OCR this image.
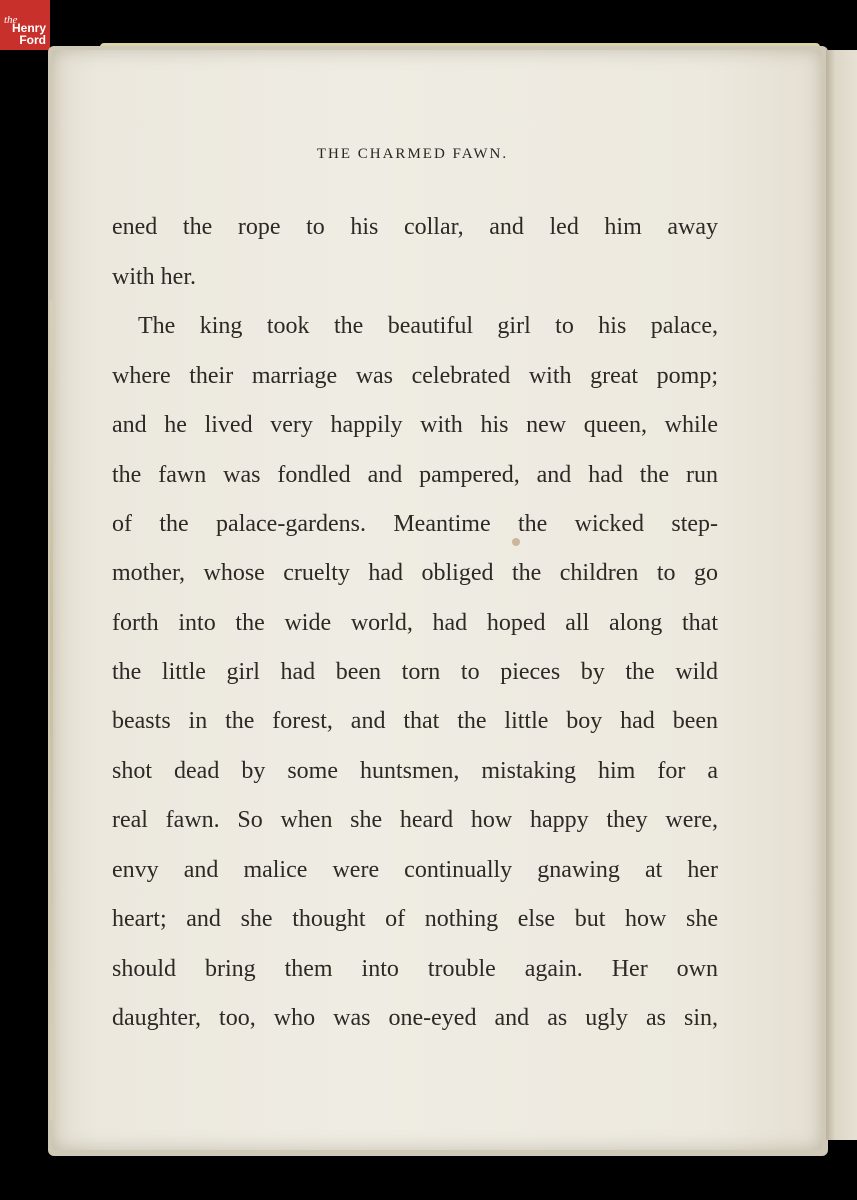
the
Henry
Ford
THE CHARMED FAWN.
ened the rope to his collar, and led him away
with her.
The king took the beautiful girl to his palace,
where their marriage was celebrated with great pomp;
and he lived very happily with his new queen, while
the fawn was fondled and pampered, and had the run
of the palace-gardens. Meantime the wicked step-
mother, whose cruelty had obliged the children to go
forth into the wide world, had hoped all along that
the little girl had been torn to pieces by the wild
beasts in the forest, and that the little boy had been
shot dead by some huntsmen, mistaking him for a
real fawn. So when she heard how happy they were,
envy and malice were continually gnawing at her
heart; and she thought of nothing else but how she
should bring them into trouble again. Her own
daughter, too, who was one-eyed and as ugly as sin,
